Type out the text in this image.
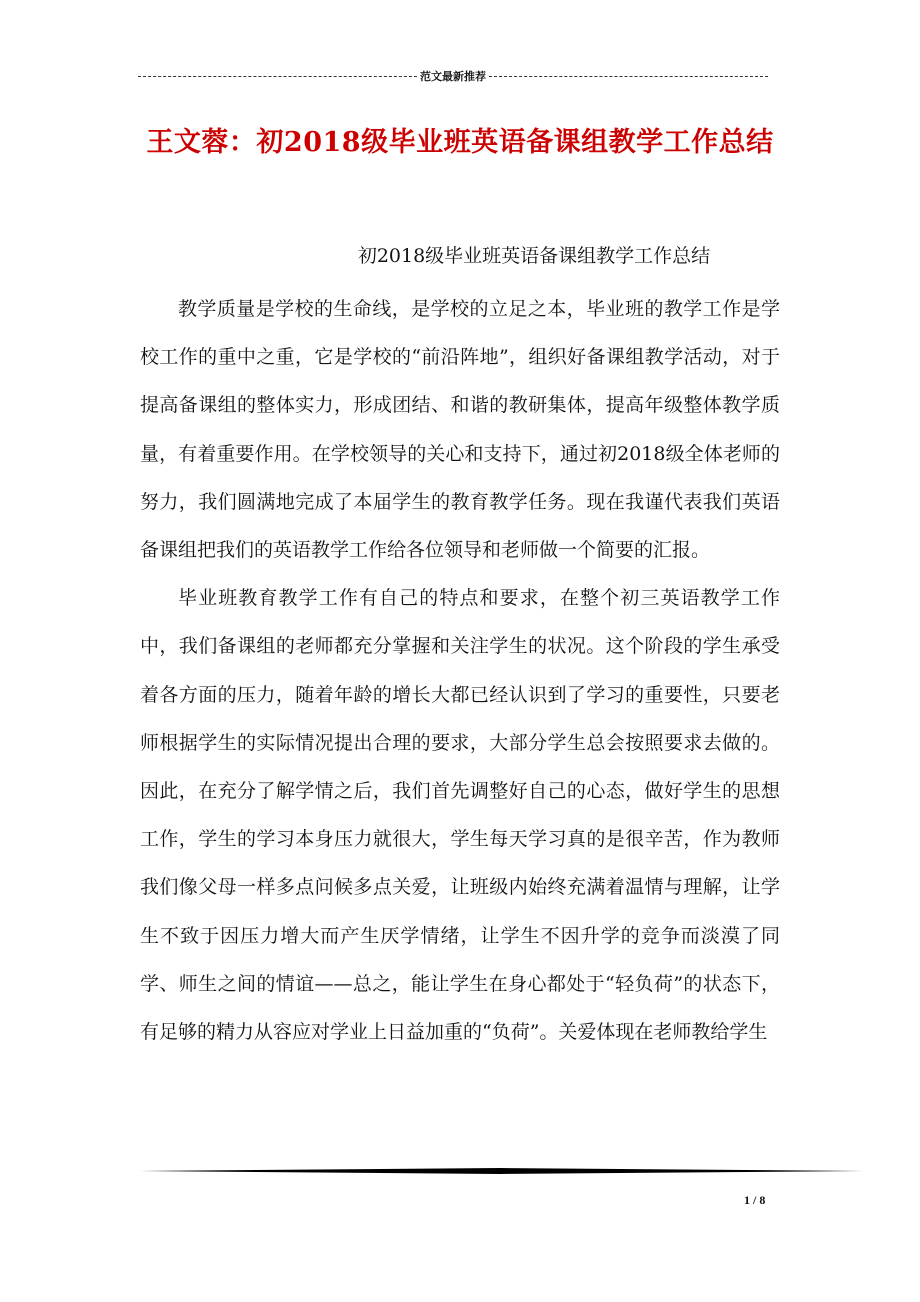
范文最新推荐
王文蓉：初2018级毕业班英语备课组教学工作总结
初2018级毕业班英语备课组教学工作总结

教学质量是学校的生命线，是学校的立足之本，毕业班的教学工作是学校工作的重中之重，它是学校的“前沿阵地”，组织好备课组教学活动，对于提高备课组的整体实力，形成团结、和谐的教研集体，提高年级整体教学质量，有着重要作用。在学校领导的关心和支持下，通过初2018级全体老师的努力，我们圆满地完成了本届学生的教育教学任务。现在我谨代表我们英语备课组把我们的英语教学工作给各位领导和老师做一个简要的汇报。

毕业班教育教学工作有自己的特点和要求，在整个初三英语教学工作中，我们备课组的老师都充分掌握和关注学生的状况。这个阶段的学生承受着各方面的压力，随着年龄的增长大都已经认识到了学习的重要性，只要老师根据学生的实际情况提出合理的要求，大部分学生总会按照要求去做的。因此，在充分了解学情之后，我们首先调整好自己的心态，做好学生的思想工作，学生的学习本身压力就很大，学生每天学习真的是很辛苦，作为教师我们像父母一样多点问候多点关爱，让班级内始终充满着温情与理解，让学生不致于因压力增大而产生厌学情绪，让学生不因升学的竞争而淡漠了同学、师生之间的情谊——总之，能让学生在身心都处于“轻负荷”的状态下，有足够的精力从容应对学业上日益加重的“负荷”。关爱体现在老师教给学生

1 / 8
